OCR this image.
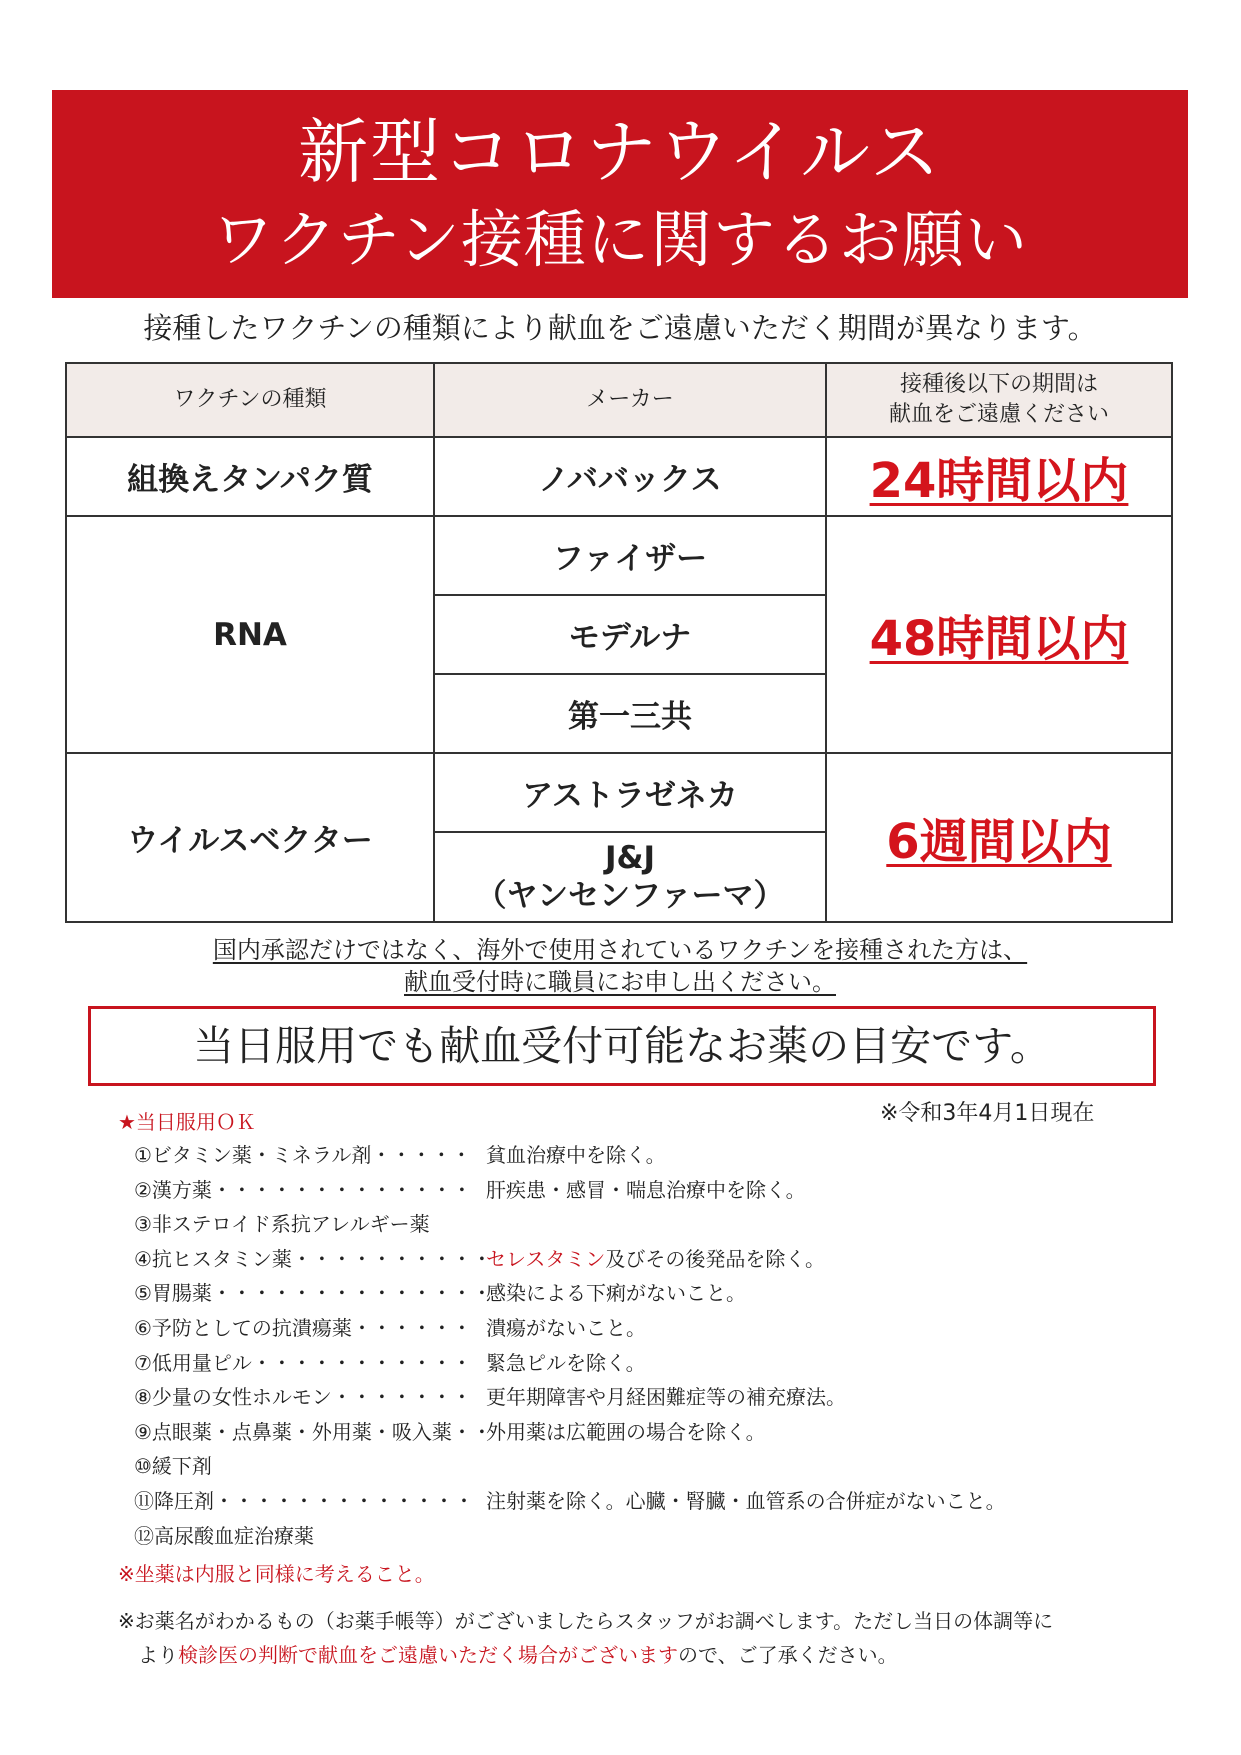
新型コロナウイルス
ワクチン接種に関するお願い
接種したワクチンの種類により献血をご遠慮いただく期間が異なります。
ワクチンの種類	メーカー	接種後以下の期間は
献血をご遠慮ください

組換えタンパク質	ノババックス	24時間以内
RNA	ファイザー	48時間以内
	モデルナ	
	第一三共	
ウイルスベクター	アストラゼネカ	6週間以内

	J&J
（ヤンセンファーマ）	
国内承認だけではなく、海外で使用されているワクチンを接種された方は、
献血受付時に職員にお申し出ください。
当日服用でも献血受付可能なお薬の目安です。
※令和3年4月1日現在
★当日服用ＯＫ
①ビタミン薬・ミネラル剤・・・・・ 貧血治療中を除く。
②漢方薬・・・・・・・・・・・・・ 肝疾患・感冒・喘息治療中を除く。
③非ステロイド系抗アレルギー薬
④抗ヒスタミン薬・・・・・・・・・・
セレスタミン及びその後発品を除く。
⑤胃腸薬・・・・・・・・・・・・・・
感染による下痢がないこと。
⑥予防としての抗潰瘍薬・・・・・・ 潰瘍がないこと。
⑦低用量ピル・・・・・・・・・・・ 緊急ピルを除く。
⑧少量の女性ホルモン・・・・・・・ 更年期障害や月経困難症等の補充療法。
⑨点眼薬・点鼻薬・外用薬・吸入薬・・
外用薬は広範囲の場合を除く。
⑩緩下剤
⑪降圧剤・・・・・・・・・・・・・ 注射薬を除く。心臓・腎臓・血管系の合併症がないこと。
⑫高尿酸血症治療薬
※坐薬は内服と同様に考えること。
※お薬名がわかるもの（お薬手帳等）がございましたらスタッフがお調べします。ただし当日の体調等に
より検診医の判断で献血をご遠慮いただく場合がございますので、ご了承ください。
